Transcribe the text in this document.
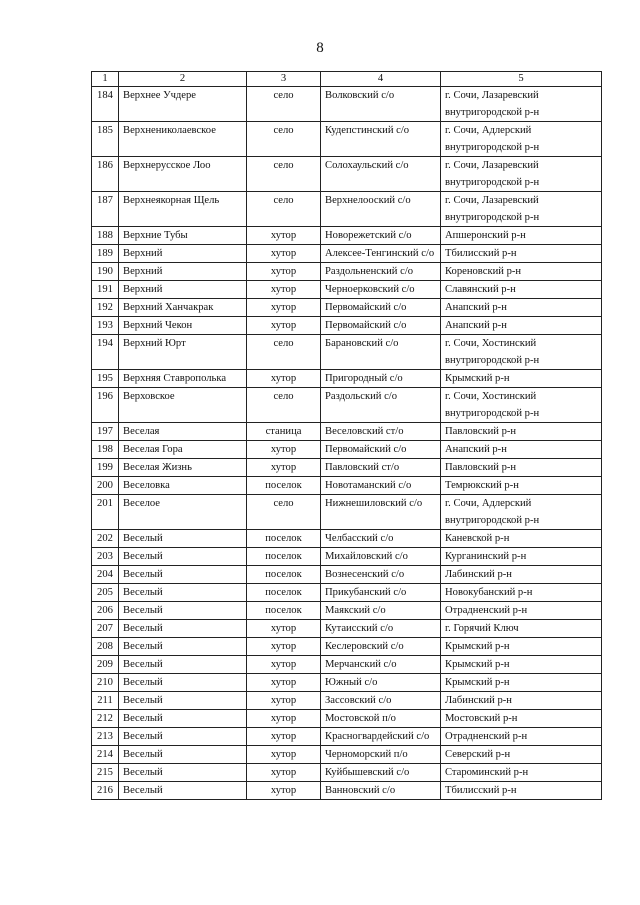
8
1	2	3	4	5
184	Верхнее Учдере	село	Волковский с/о	г. Сочи, Лазаревский внутригородской р-н
185	Верхнениколаевское	село	Кудепстинский с/о	г. Сочи, Адлерский внутригородской р-н
186	Верхнерусское Лоо	село	Солохаульский с/о	г. Сочи, Лазаревский внутригородской р-н
187	Верхнеякорная Щель	село	Верхнелооский с/о	г. Сочи, Лазаревский внутригородской р-н
188	Верхние Тубы	хутор	Новорежетский с/о	Апшеронский р-н
189	Верхний	хутор	Алексее-Тенгинский с/о	Тбилисский р-н
190	Верхний	хутор	Раздольненский с/о	Кореновский р-н
191	Верхний	хутор	Черноерковский с/о	Славянский р-н
192	Верхний Ханчакрак	хутор	Первомайский с/о	Анапский р-н
193	Верхний Чекон	хутор	Первомайский с/о	Анапский р-н
194	Верхний Юрт	село	Барановский с/о	г. Сочи, Хостинский внутригородской р-н
195	Верхняя Ставрополька	хутор	Пригородный с/о	Крымский р-н
196	Верховское	село	Раздольский с/о	г. Сочи, Хостинский внутригородской р-н
197	Веселая	станица	Веселовский ст/о	Павловский р-н
198	Веселая Гора	хутор	Первомайский с/о	Анапский р-н
199	Веселая Жизнь	хутор	Павловский ст/о	Павловский р-н
200	Веселовка	поселок	Новотаманский с/о	Темрюкский р-н
201	Веселое	село	Нижнешиловский с/о	г. Сочи, Адлерский внутригородской р-н
202	Веселый	поселок	Челбасский с/о	Каневской р-н
203	Веселый	поселок	Михайловский с/о	Курганинский р-н
204	Веселый	поселок	Вознесенский с/о	Лабинский р-н
205	Веселый	поселок	Прикубанский с/о	Новокубанский р-н
206	Веселый	поселок	Маякский с/о	Отрадненский р-н
207	Веселый	хутор	Кутаисский с/о	г. Горячий Ключ
208	Веселый	хутор	Кеслеровский с/о	Крымский р-н
209	Веселый	хутор	Мерчанский с/о	Крымский р-н
210	Веселый	хутор	Южный с/о	Крымский р-н
211	Веселый	хутор	Зассовский с/о	Лабинский р-н
212	Веселый	хутор	Мостовской п/о	Мостовский р-н
213	Веселый	хутор	Красногвардейский с/о	Отрадненский р-н
214	Веселый	хутор	Черноморский п/о	Северский р-н
215	Веселый	хутор	Куйбышевский с/о	Староминский р-н
216	Веселый	хутор	Ванновский с/о	Тбилисский р-н
